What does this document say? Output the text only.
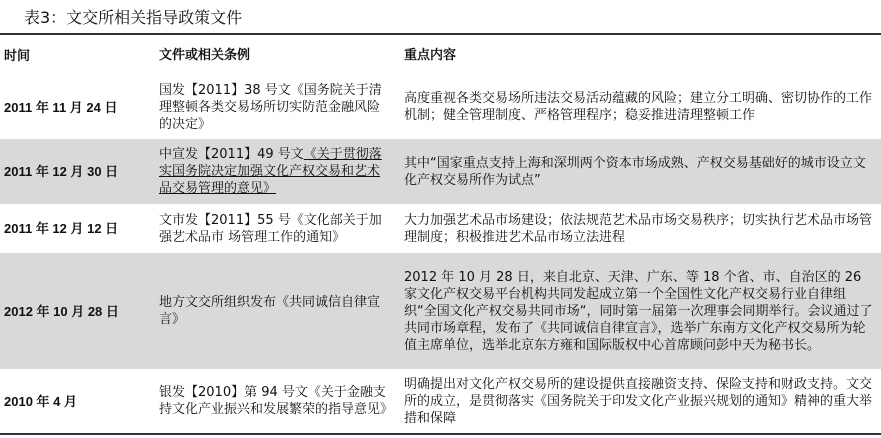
表3：文交所相关指导政策文件
时间	文件或相关条例	重点内容
2011 年 11 月 24 日
国发【2011】38 号文《国务院关于清理整顿各类交易场所切实防范金融风险的决定》
高度重视各类交易场所违法交易活动蕴藏的风险；建立分工明确、密切协作的工作机制；健全管理制度、严格管理程序；稳妥推进清理整顿工作
2011 年 12 月 30 日
中宣发【2011】49 号文《关于贯彻落实国务院决定加强文化产权交易和艺术品交易管理的意见》
其中“国家重点支持上海和深圳两个资本市场成熟、产权交易基础好的城市设立文化产权交易所作为试点”
2011 年 12 月 12 日
文市发【2011】55 号《文化部关于加强艺术品市 场管理工作的通知》
大力加强艺术品市场建设；依法规范艺术品市场交易秩序；切实执行艺术品市场管理制度；积极推进艺术品市场立法进程
2012 年 10 月 28 日
地方文交所组织发布《共同诚信自律宣言》
2012 年 10 月 28 日，来自北京、天津、广东、等 18 个省、市、自治区的 26 家文化产权交易平台机构共同发起成立第一个全国性文化产权交易行业自律组织“全国文化产权交易共同市场“，同时第一届第一次理事会同期举行。会议通过了共同市场章程，发布了《共同诚信自律宣言》，选举广东南方文化产权交易所为轮值主席单位，选举北京东方雍和国际版权中心首席顾问彭中天为秘书长。
2010 年 4 月
银发【2010】第 94 号文《关于金融支持文化产业振兴和发展繁荣的指导意见》
明确提出对文化产权交易所的建设提供直接融资支持、保险支持和财政支持。文交所的成立，是贯彻落实《国务院关于印发文化产业振兴规划的通知》精神的重大举措和保障
